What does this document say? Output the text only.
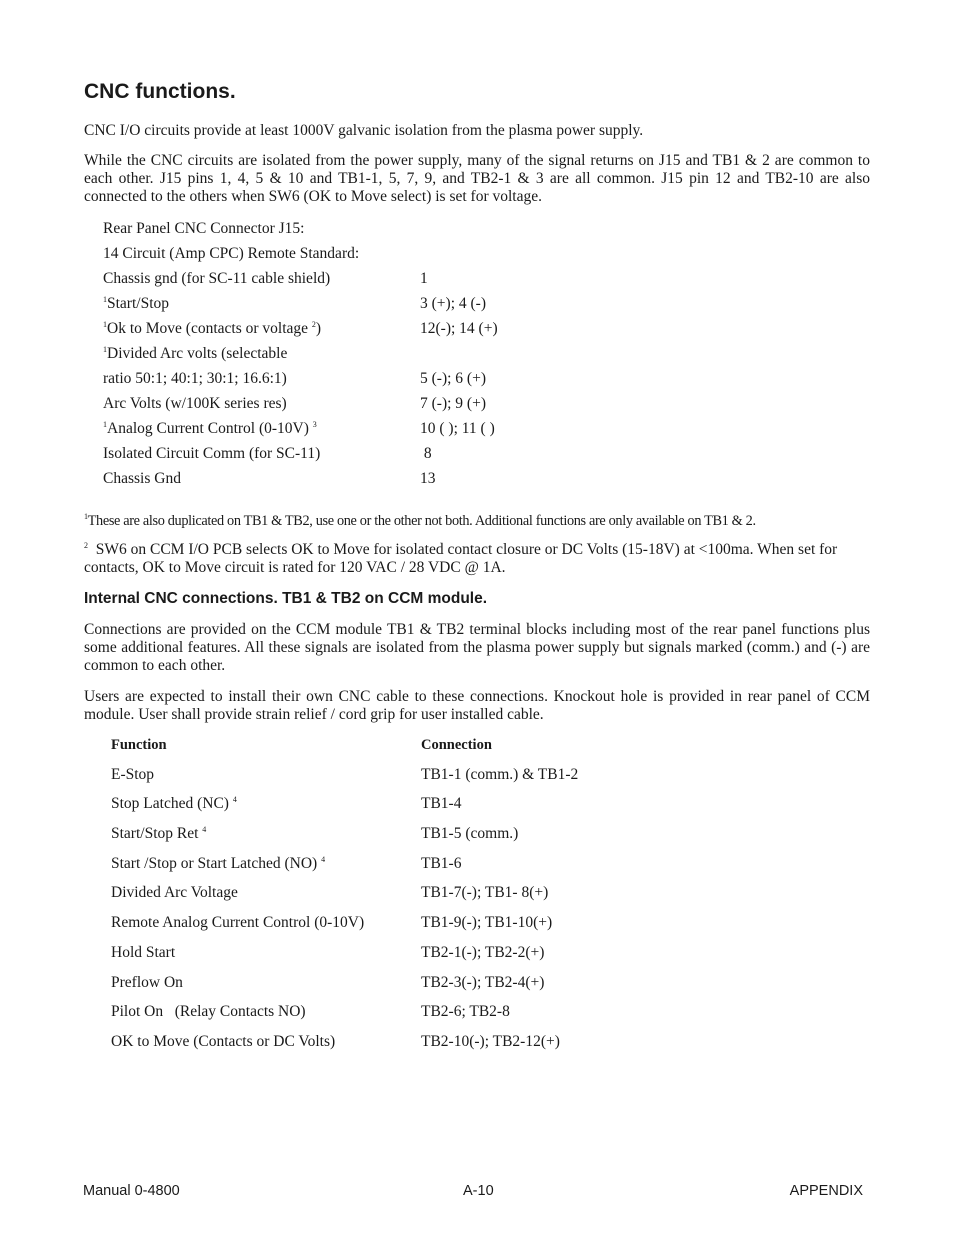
CNC functions.

CNC I/O circuits provide at least 1000V galvanic isolation from the plasma power supply.

While the CNC circuits are isolated from the power supply, many of the signal returns on J15 and TB1 & 2 are common to each other. J15 pins 1, 4, 5 & 10 and TB1-1, 5, 7, 9, and TB2-1 & 3 are all common. J15 pin 12 and TB2-10 are also connected to the others when SW6 (OK to Move select) is set for voltage.

Rear Panel CNC Connector J15:
14 Circuit (Amp CPC) Remote Standard:
Chassis gnd (for SC-11 cable shield)	1
$^1$Start/Stop	3 (+); 4 (-)
$^1$Ok to Move (contacts or voltage $^2$)	12(-); 14 (+)
$^1$Divided Arc volts (selectable
ratio 50:1; 40:1; 30:1; 16.6:1)	5 (-); 6 (+)
Arc Volts (w/100K series res)	7 (-); 9 (+)
$^1$Analog Current Control (0-10V) $^3$	10 ( ); 11 ( )
Isolated Circuit Comm (for SC-11)	8
Chassis Gnd	13

$^1$These are also duplicated on TB1 & TB2, use one or the other not both. Additional functions are only available on TB1 & 2.

$^2$ SW6 on CCM I/O PCB selects OK to Move for isolated contact closure or DC Volts (15-18V) at <100ma. When set for contacts, OK to Move circuit is rated for 120 VAC / 28 VDC @ 1A.

Internal CNC connections. TB1 & TB2 on CCM module.

Connections are provided on the CCM module TB1 & TB2 terminal blocks including most of the rear panel functions plus some additional features. All these signals are isolated from the plasma power supply but signals marked (comm.) and (-) are common to each other.

Users are expected to install their own CNC cable to these connections. Knockout hole is provided in rear panel of CCM module. User shall provide strain relief / cord grip for user installed cable.

Function	Connection
E-Stop	TB1-1 (comm.) & TB1-2
Stop Latched (NC) $^4$	TB1-4
Start/Stop Ret $^4$	TB1-5 (comm.)
Start /Stop or Start Latched (NO) $^4$	TB1-6
Divided Arc Voltage	TB1-7(-); TB1- 8(+)
Remote Analog Current Control (0-10V)	TB1-9(-); TB1-10(+)
Hold Start	TB2-1(-); TB2-2(+)
Preflow On	TB2-3(-); TB2-4(+)
Pilot On   (Relay Contacts NO)	TB2-6; TB2-8
OK to Move (Contacts or DC Volts)	TB2-10(-); TB2-12(+)
Manual 0-4800	A-10	APPENDIX
